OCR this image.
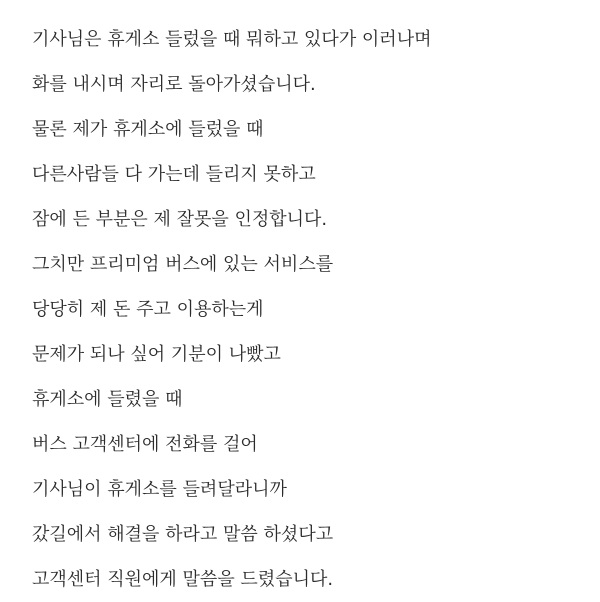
기사님은 휴게소 들렀을 때 뭐하고 있다가 이러나며
화를 내시며 자리로 돌아가셨습니다.
물론 제가 휴게소에 들렀을 때
다른사람들 다 가는데 들리지 못하고
잠에 든 부분은 제 잘못을 인정합니다.
그치만 프리미엄 버스에 있는 서비스를
당당히 제 돈 주고 이용하는게
문제가 되나 싶어 기분이 나빴고
휴게소에 들렸을 때
버스 고객센터에 전화를 걸어
기사님이 휴게소를 들려달라니까
갔길에서 해결을 하라고 말씀 하셨다고
고객센터 직원에게 말씀을 드렸습니다.
